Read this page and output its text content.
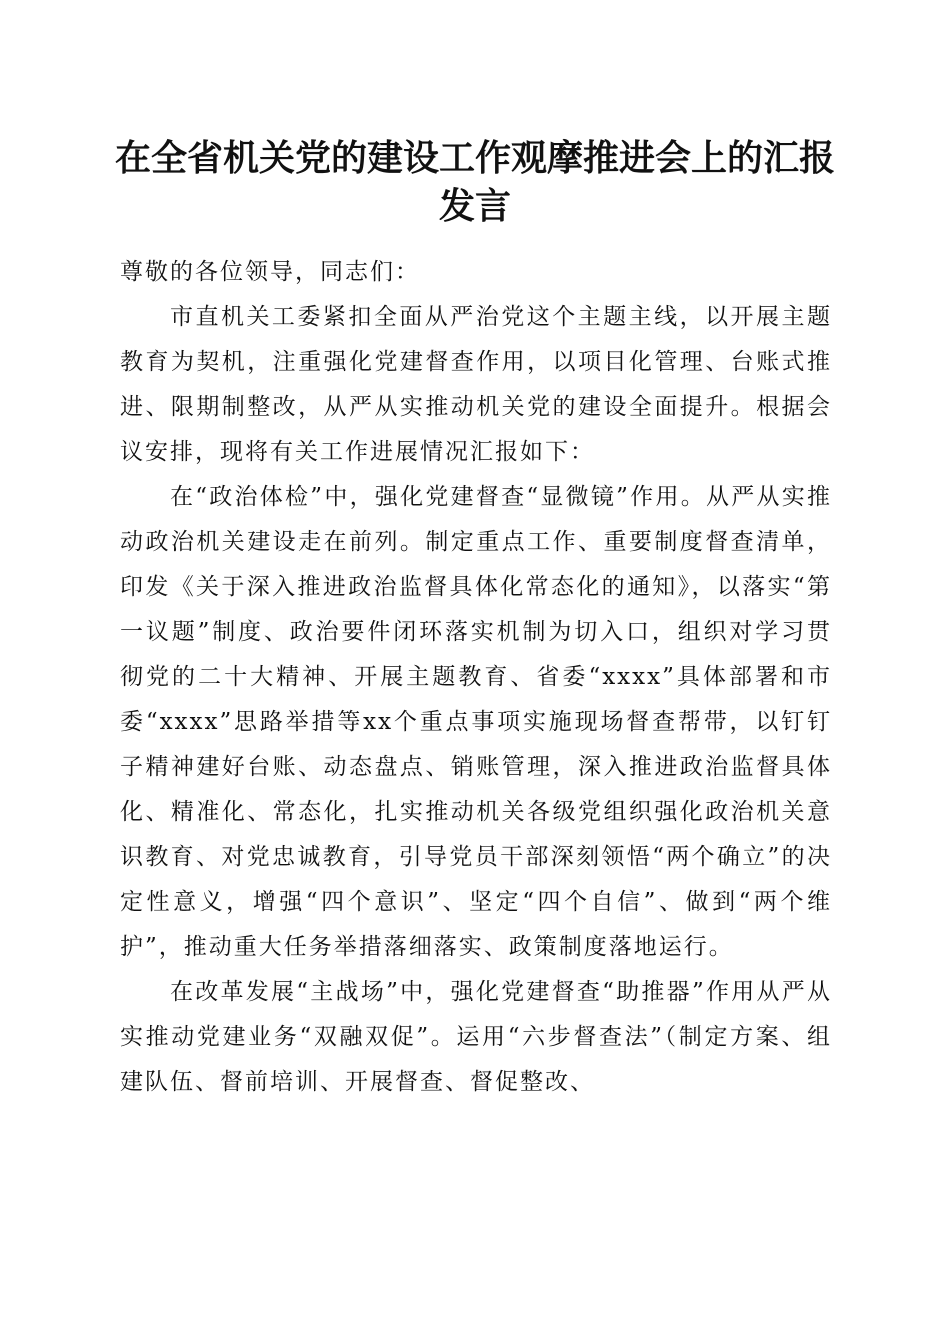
在全省机关党的建设工作观摩推进会上的汇报
发言

尊敬的各位领导，同志们：

市直机关工委紧扣全面从严治党这个主题主线，以开展主题教育为契机，注重强化党建督查作用，以项目化管理、台账式推进、限期制整改，从严从实推动机关党的建设全面提升。根据会议安排，现将有关工作进展情况汇报如下：

在“政治体检”中，强化党建督查“显微镜”作用。从严从实推动政治机关建设走在前列。制定重点工作、重要制度督查清单，印发《关于深入推进政治监督具体化常态化的通知》，以落实“第一议题”制度、政治要件闭环落实机制为切入口，组织对学习贯彻党的二十大精神、开展主题教育、省委“xxxx”具体部署和市委“xxxx”思路举措等xx个重点事项实施现场督查帮带，以钉钉子精神建好台账、动态盘点、销账管理，深入推进政治监督具体化、精准化、常态化，扎实推动机关各级党组织强化政治机关意识教育、对党忠诚教育，引导党员干部深刻领悟“两个确立”的决定性意义，增强“四个意识”、坚定“四个自信”、做到“两个维护”，推动重大任务举措落细落实、政策制度落地运行。

在改革发展“主战场”中，强化党建督查“助推器”作用从严从实推动党建业务“双融双促”。运用“六步督查法”（制定方案、组建队伍、督前培训、开展督查、督促整改、
